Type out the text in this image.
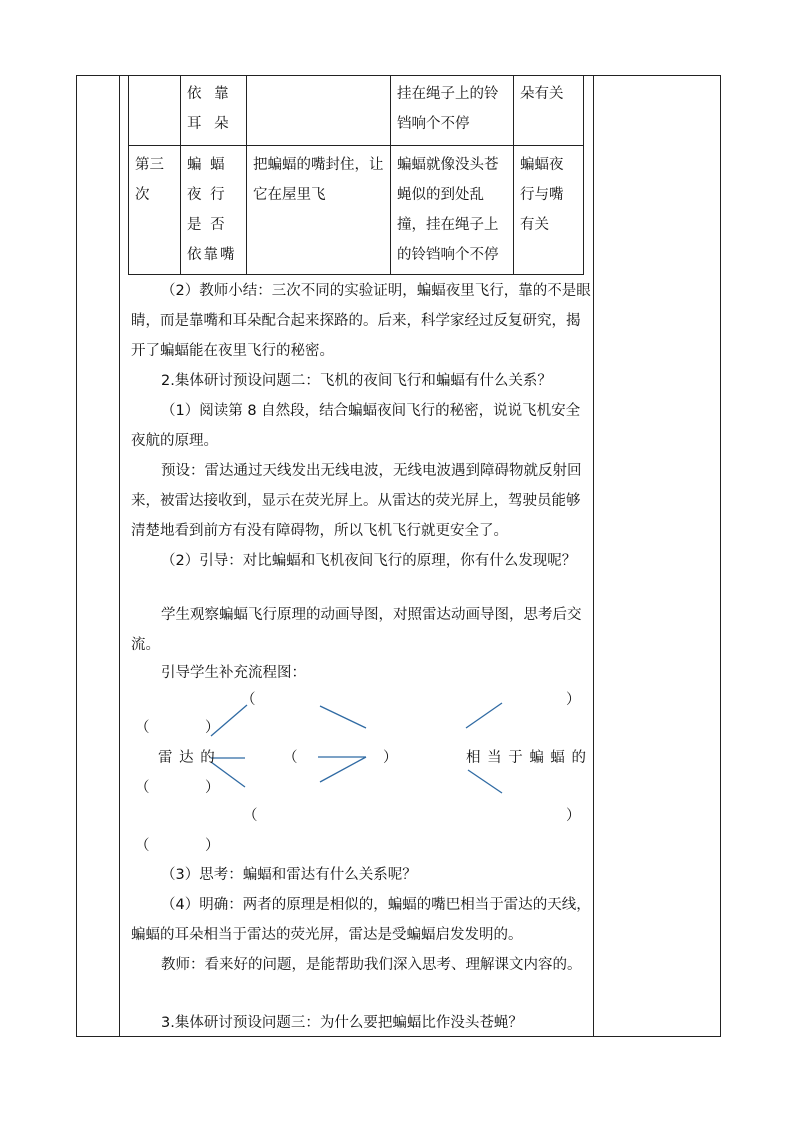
	依 靠 耳 朵		挂在绳子上的铃铛响个不停	朵有关
第三次	蝙 蝠 夜 行 是 否 依靠嘴	把蝙蝠的嘴封住，让它在屋里飞	蝙蝠就像没头苍蝇似的到处乱撞，挂在绳子上的铃铛响个不停	蝙蝠夜行与嘴有关
（2）教师小结：三次不同的实验证明，蝙蝠夜里飞行，靠的不是眼睛，而是靠嘴和耳朵配合起来探路的。后来，科学家经过反复研究，揭开了蝙蝠能在夜里飞行的秘密。
2.集体研讨预设问题二：飞机的夜间飞行和蝙蝠有什么关系？
（1）阅读第 8 自然段，结合蝙蝠夜间飞行的秘密，说说飞机安全夜航的原理。
预设：雷达通过天线发出无线电波，无线电波遇到障碍物就反射回来，被雷达接收到，显示在荧光屏上。从雷达的荧光屏上，驾驶员能够清楚地看到前方有没有障碍物，所以飞机飞行就更安全了。
（2）引导：对比蝙蝠和飞机夜间飞行的原理，你有什么发现呢？
学生观察蝙蝠飞行原理的动画导图，对照雷达动画导图，思考后交流。
引导学生补充流程图：
（	）
（	）
雷 达 的	（	）	相 当 于 蝙 蝠 的
（	）
（	）
（	）
（3）思考：蝙蝠和雷达有什么关系呢？
（4）明确：两者的原理是相似的，蝙蝠的嘴巴相当于雷达的天线，蝙蝠的耳朵相当于雷达的荧光屏，雷达是受蝙蝠启发发明的。
教师：看来好的问题，是能帮助我们深入思考、理解课文内容的。
3.集体研讨预设问题三：为什么要把蝙蝠比作没头苍蝇？
